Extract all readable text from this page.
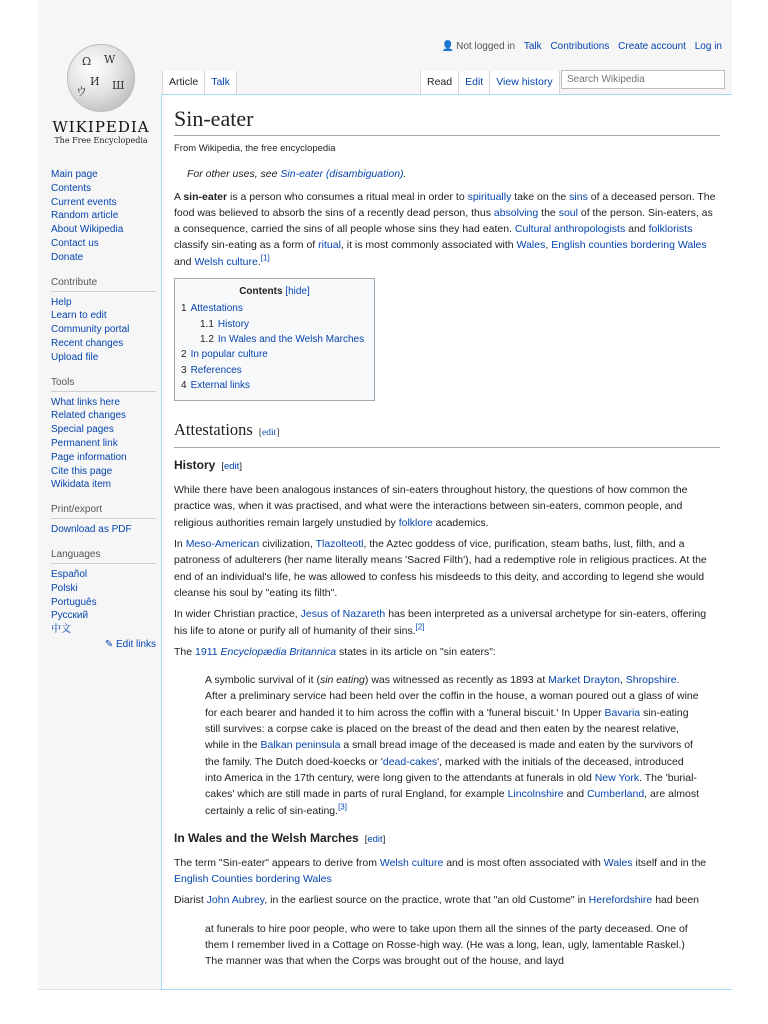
Ω W
И Ш
ウ
WIKIPEDIA
The Free Encyclopedia
👤 Not logged in Talk Contributions Create account Log in
Article	Talk	Read	Edit	View history
Search Wikipedia
Main page
Contents
Current events
Random article
About Wikipedia
Contact us
Donate
Contribute
Help
Learn to edit
Community portal
Recent changes
Upload file
Tools
What links here
Related changes
Special pages
Permanent link
Page information
Cite this page
Wikidata item
Print/export
Download as PDF
Languages
Español
Polski
Português
Русский
中文
✎ Edit links
Sin-eater
From Wikipedia, the free encyclopedia
For other uses, see Sin-eater (disambiguation).

A sin-eater is a person who consumes a ritual meal in order to spiritually take on the sins of a deceased person. The food was believed to absorb the sins of a recently dead person, thus absolving the soul of the person. Sin-eaters, as a consequence, carried the sins of all people whose sins they had eaten. Cultural anthropologists and folklorists classify sin-eating as a form of ritual, it is most commonly associated with Wales, English counties bordering Wales and Welsh culture.[1]

Contents [hide]
1 Attestations
1.1 History
1.2 In Wales and the Welsh Marches
2 In popular culture
3 References
4 External links
Attestations [edit]
History [edit]

While there have been analogous instances of sin-eaters throughout history, the questions of how common the practice was, when it was practised, and what were the interactions between sin-eaters, common people, and religious authorities remain largely unstudied by folklore academics.

In Meso-American civilization, Tlazolteotl, the Aztec goddess of vice, purification, steam baths, lust, filth, and a patroness of adulterers (her name literally means 'Sacred Filth'), had a redemptive role in religious practices. At the end of an individual's life, he was allowed to confess his misdeeds to this deity, and according to legend she would cleanse his soul by "eating its filth".

In wider Christian practice, Jesus of Nazareth has been interpreted as a universal archetype for sin-eaters, offering his life to atone or purify all of humanity of their sins.[2]

The 1911 Encyclopædia Britannica states in its article on "sin eaters":

A symbolic survival of it (sin eating) was witnessed as recently as 1893 at Market Drayton, Shropshire. After a preliminary service had been held over the coffin in the house, a woman poured out a glass of wine for each bearer and handed it to him across the coffin with a 'funeral biscuit.' In Upper Bavaria sin-eating still survives: a corpse cake is placed on the breast of the dead and then eaten by the nearest relative, while in the Balkan peninsula a small bread image of the deceased is made and eaten by the survivors of the family. The Dutch doed-koecks or 'dead-cakes', marked with the initials of the deceased, introduced into America in the 17th century, were long given to the attendants at funerals in old New York. The 'burial-cakes' which are still made in parts of rural England, for example Lincolnshire and Cumberland, are almost certainly a relic of sin-eating.[3]
In Wales and the Welsh Marches [edit]

The term "Sin-eater" appears to derive from Welsh culture and is most often associated with Wales itself and in the English Counties bordering Wales

Diarist John Aubrey, in the earliest source on the practice, wrote that "an old Custome" in Herefordshire had been

at funerals to hire poor people, who were to take upon them all the sinnes of the party deceased. One of them I remember lived in a Cottage on Rosse-high way. (He was a long, lean, ugly, lamentable Raskel.) The manner was that when the Corps was brought out of the house, and layd
